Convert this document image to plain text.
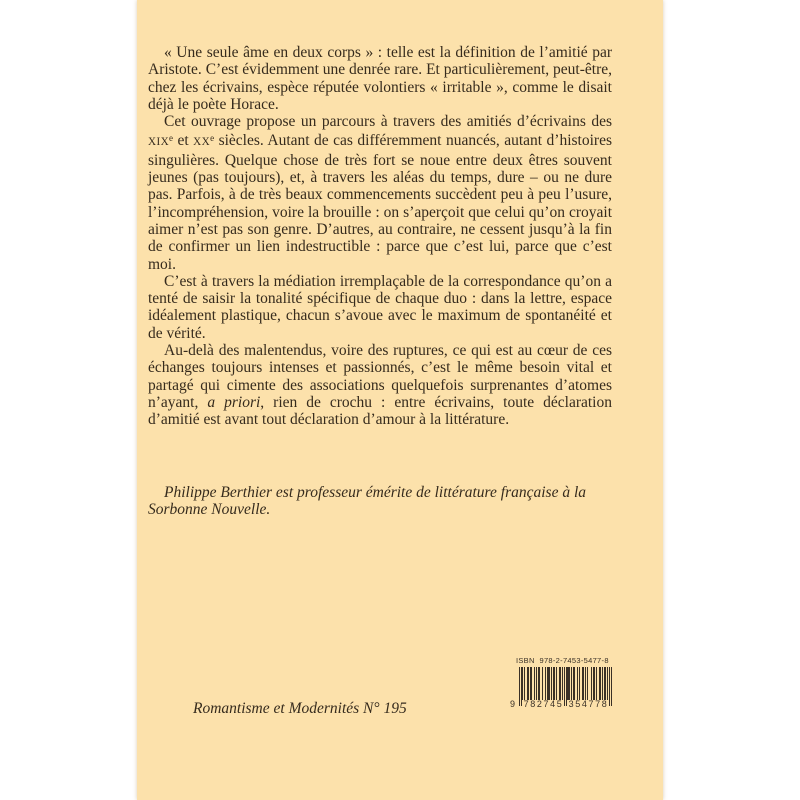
« Une seule âme en deux corps » : telle est la définition de l’amitié par Aristote. C’est évidemment une denrée rare. Et particulièrement, peut-être, chez les écrivains, espèce réputée volontiers « irritable », comme le disait déjà le poète Horace.

Cet ouvrage propose un parcours à travers des amitiés d’écrivains des XIXe et XXe siècles. Autant de cas différemment nuancés, autant d’histoires singulières. Quelque chose de très fort se noue entre deux êtres souvent jeunes (pas toujours), et, à travers les aléas du temps, dure – ou ne dure pas. Parfois, à de très beaux commencements succèdent peu à peu l’usure, l’incompréhension, voire la brouille : on s’aperçoit que celui qu’on croyait aimer n’est pas son genre. D’autres, au contraire, ne cessent jusqu’à la fin de confirmer un lien indestructible : parce que c’est lui, parce que c’est moi.

C’est à travers la médiation irremplaçable de la correspondance qu’on a tenté de saisir la tonalité spécifique de chaque duo : dans la lettre, espace idéalement plastique, chacun s’avoue avec le maximum de spontanéité et de vérité.

Au-delà des malentendus, voire des ruptures, ce qui est au cœur de ces échanges toujours intenses et passionnés, c’est le même besoin vital et partagé qui cimente des associations quelquefois surprenantes d’atomes n’ayant, a priori, rien de crochu : entre écrivains, toute déclaration d’amitié est avant tout déclaration d’amour à la littérature.

Philippe Berthier est professeur émérite de littérature française à la Sorbonne Nouvelle.

Romantisme et Modernités N° 195

ISBN  978-2-7453-5477-8
9 782745 354778
